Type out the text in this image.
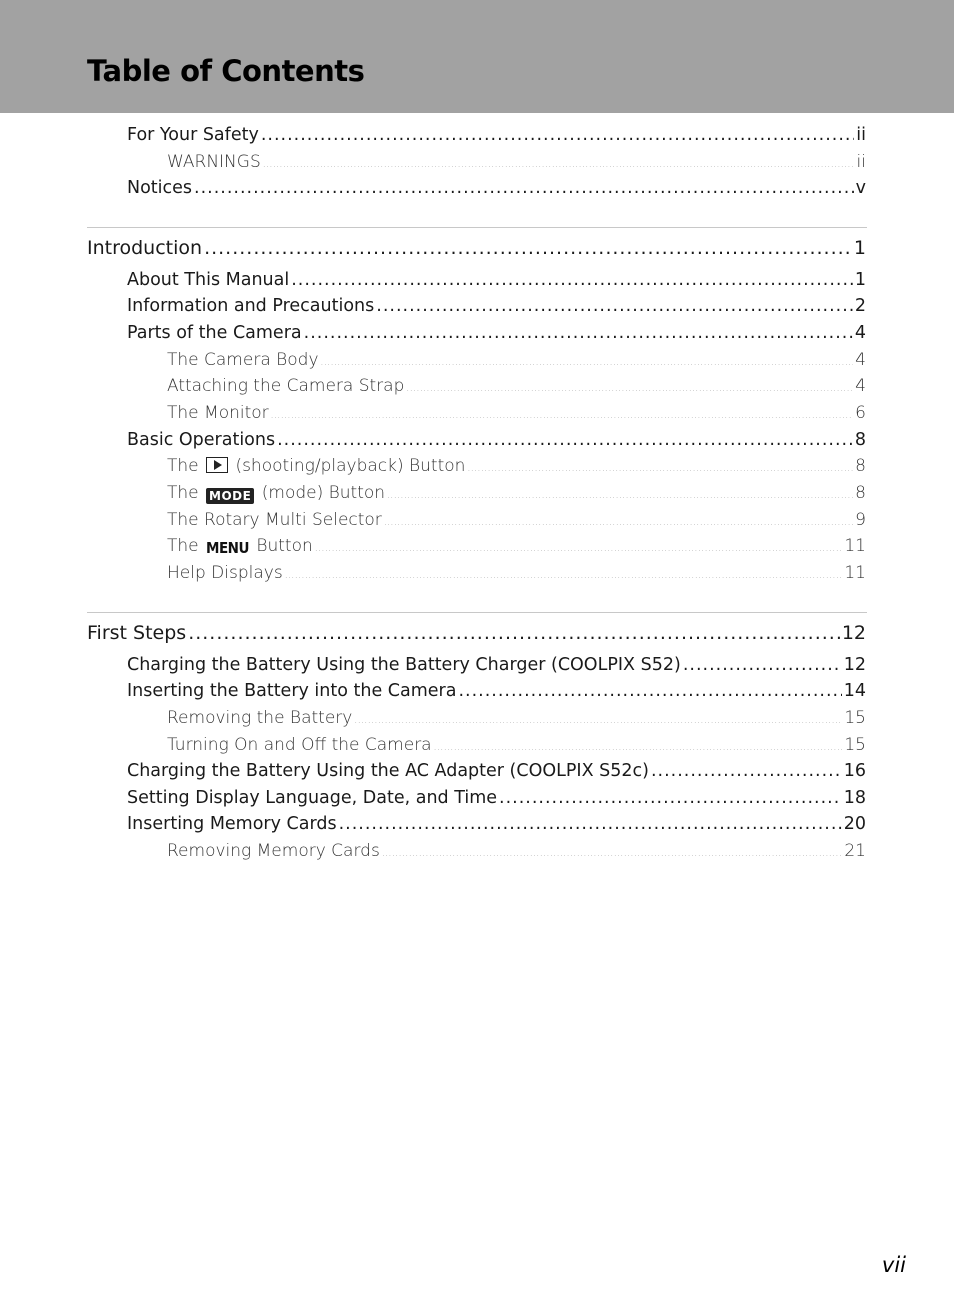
Table of Contents
For Your Safety .....	ii
WARNINGS .....	ii
Notices .....	v
Introduction .....	1
About This Manual .....	1
Information and Precautions .....	2
Parts of the Camera .....	4
The Camera Body .....	4
Attaching the Camera Strap .....	4
The Monitor .....	6
Basic Operations .....	8
The (shooting/playback) Button .....	8
The MODE (mode) Button .....	8
The Rotary Multi Selector .....	9
The MENU Button .....	11
Help Displays .....	11
First Steps .....	12
Charging the Battery Using the Battery Charger (COOLPIX S52) .....	12
Inserting the Battery into the Camera .....	14
Removing the Battery .....	15
Turning On and Off the Camera .....	15
Charging the Battery Using the AC Adapter (COOLPIX S52c) .....	16
Setting Display Language, Date, and Time .....	18
Inserting Memory Cards .....	20
Removing Memory Cards .....	21
vii
